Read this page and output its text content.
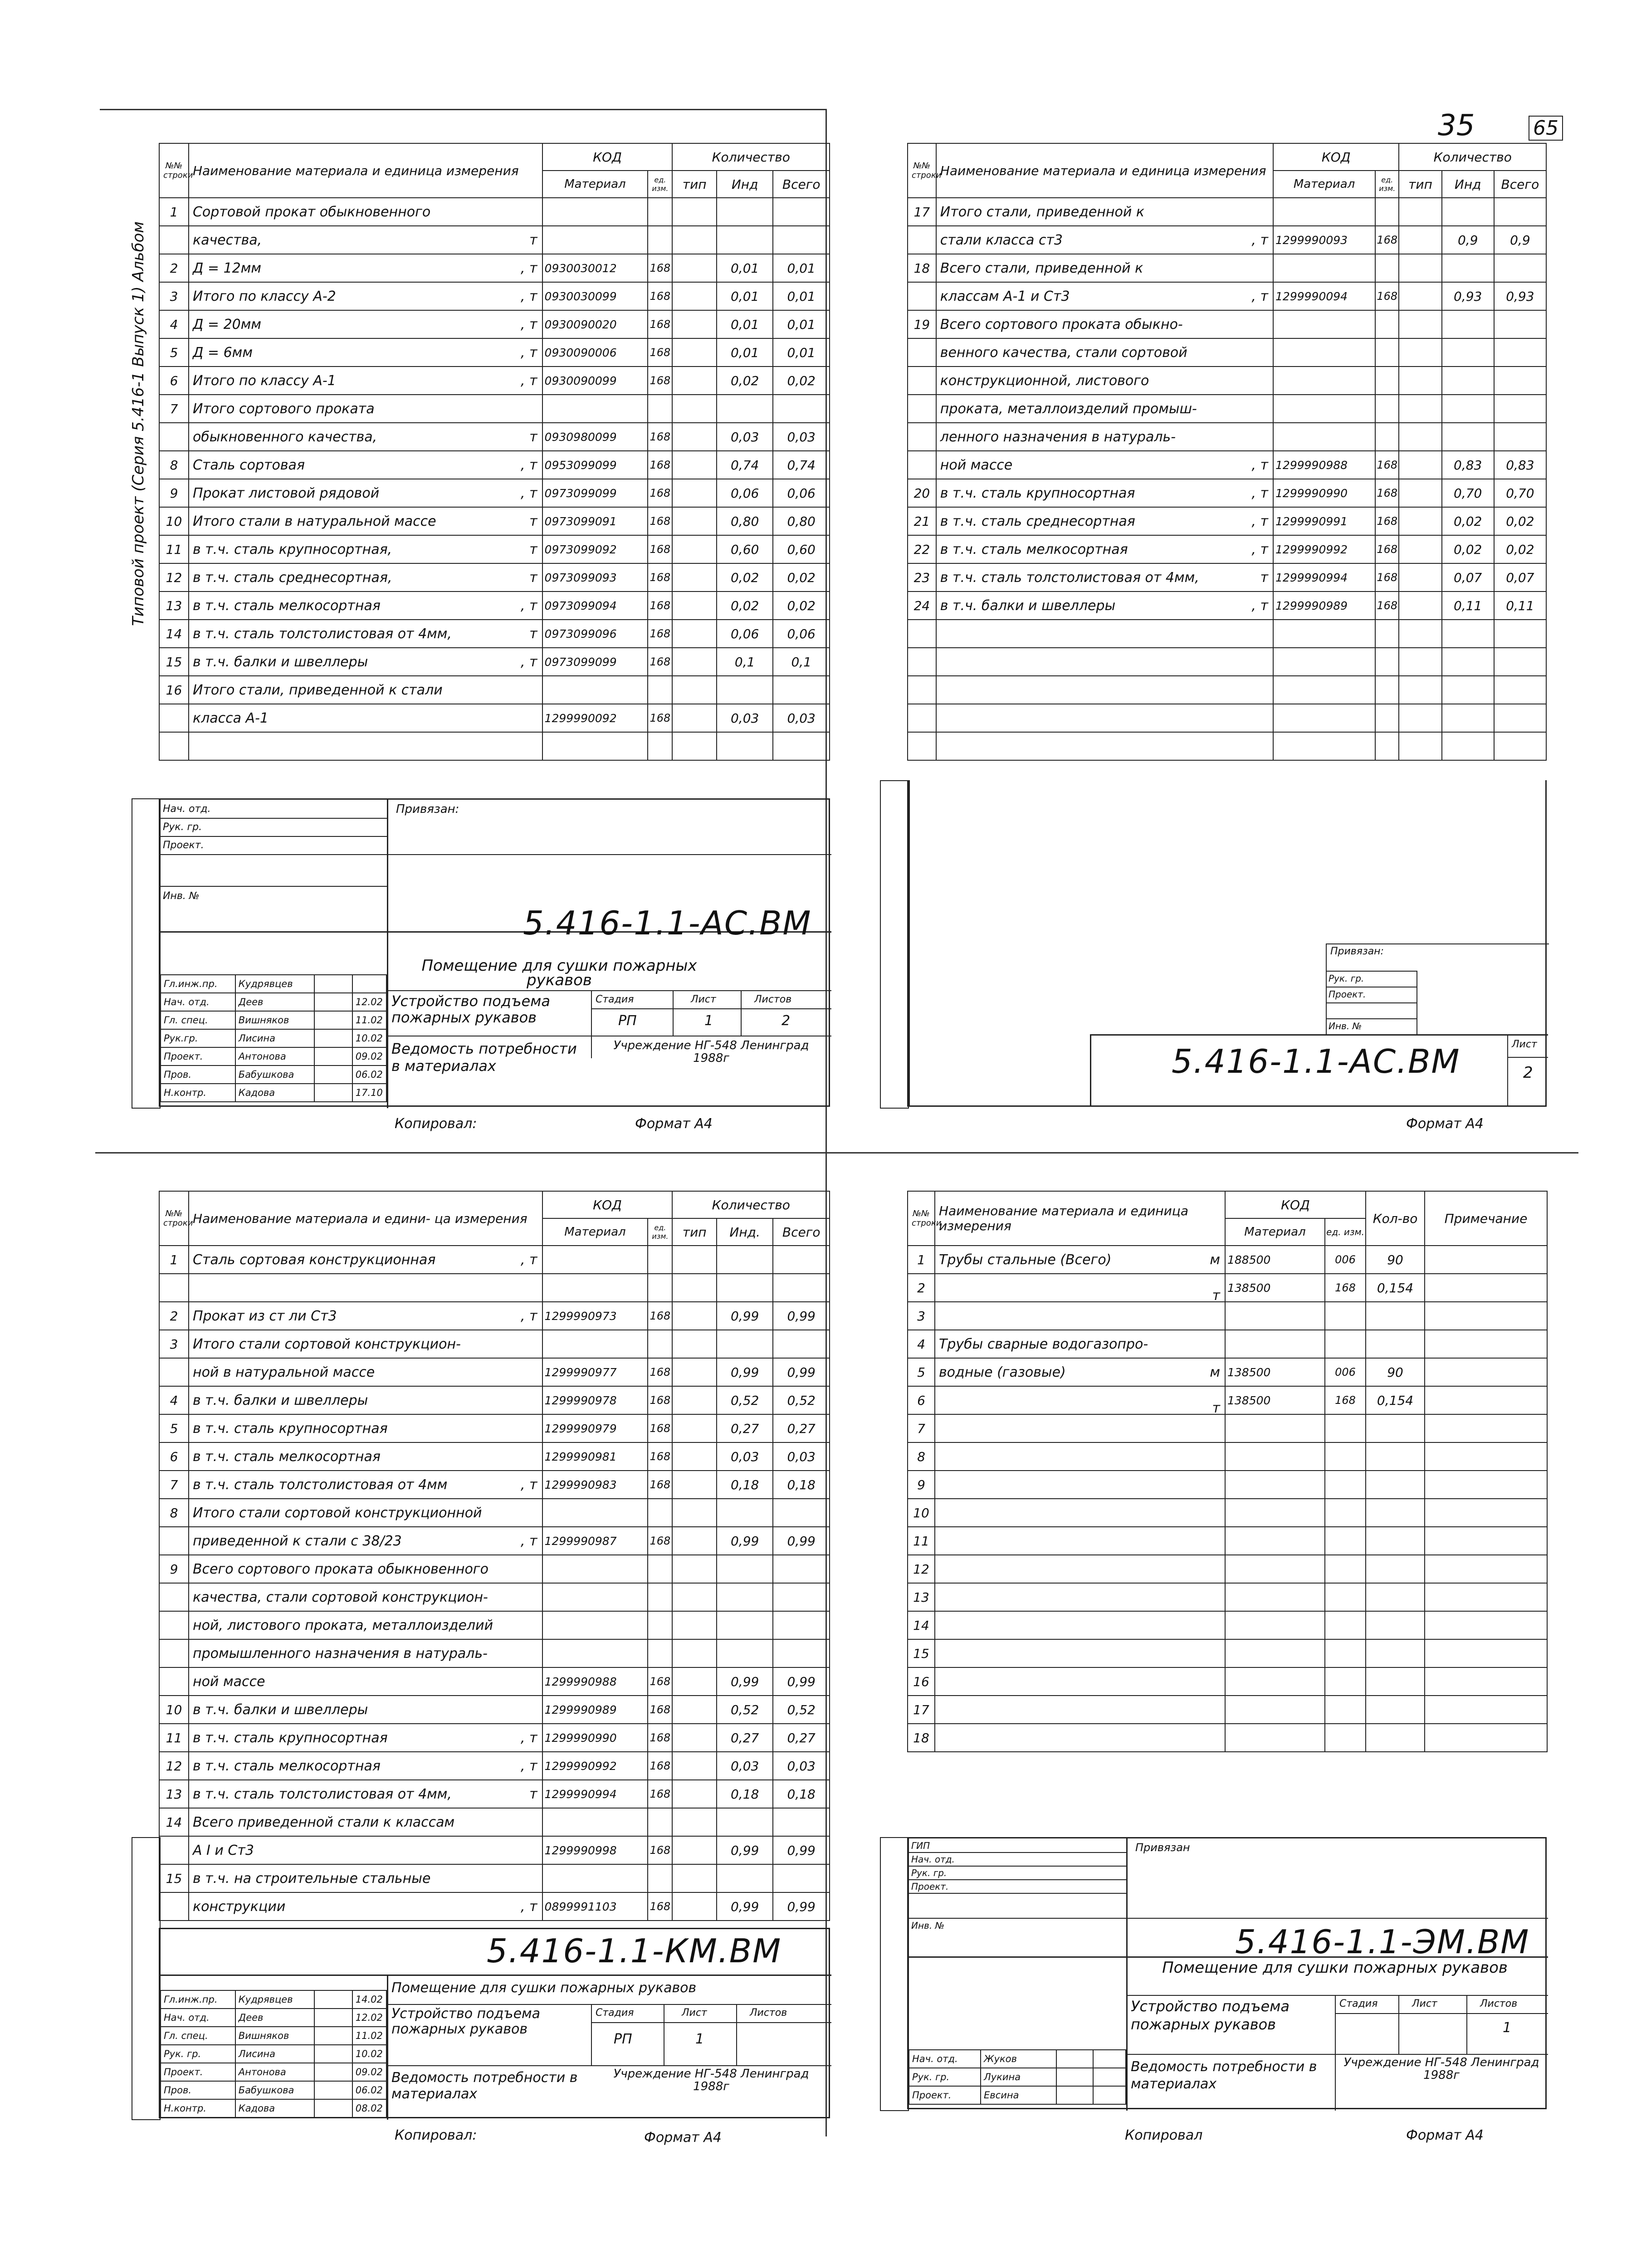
35	65
Типовой проект (Серия 5.416-1 Выпуск 1) Альбом
№№ строки	Наименование материала и единица измерения	КОД		Количество		
		Материал	ед. изм.	тип	Инд	Всего
1	Сортовой прокат обыкновенного

	качества, т					

2	Д = 12мм , т	0930030012	168		0,01	0,01
3	Итого по классу А-2 , т	0930030099	168		0,01	0,01
4	Д = 20мм , т	0930090020	168		0,01	0,01
5	Д = 6мм , т	0930090006	168		0,01	0,01
6	Итого по классу А-1 , т	0930090099	168		0,02	0,02
7	Итого сортового проката

	обыкновенного качества, т	0930980099	168		0,03	0,03
8	Сталь сортовая , т	0953099099	168		0,74	0,74
9	Прокат листовой рядовой , т	0973099099	168		0,06	0,06
10	Итого стали в натуральной массе т	0973099091	168		0,80	0,80
11	в т.ч. сталь крупносортная, т	0973099092	168		0,60	0,60
12	в т.ч. сталь среднесортная, т	0973099093	168		0,02	0,02
13	в т.ч. сталь мелкосортная , т	0973099094	168		0,02	0,02
14	в т.ч. сталь толстолистовая от 4мм, т	0973099096	168		0,06	0,06
15	в т.ч. балки и швеллеры , т	0973099099	168		0,1	0,1
16	Итого стали, приведенной к стали

	класса А-1	1299990092	168		0,03	0,03

Привязан:
Нач. отд.
Рук. гр.
Проект.
Инв. №
5.416-1.1-АС.ВМ
Помещение для сушки пожарных рукавов
Устройство подъема пожарных рукавов
Стадия	Лист	Листов
РП	1	2
Ведомость потребности в материалах
Учреждение НГ-548 Ленинград 1988г
Гл.инж.пр.	Кудрявцев		
Нач. отд.	Деев		12.02
Гл. спец.	Вишняков		11.02
Рук.гр.	Лисина		10.02
Проект.	Антонова		09.02
Пров.	Бабушкова		06.02
Н.контр.	Кадова		17.10
Копировал:	Формат А4
№№ строки	Наименование материала и единица измерения	КОД		Количество		
		Материал	ед. изм.	тип	Инд	Всего
17	Итого стали, приведенной к

	стали класса ст3 , т	1299990093	168		0,9	0,9
18	Всего стали, приведенной к

	классам А-1 и Ст3 , т	1299990094	168		0,93	0,93
19	Всего сортового проката обыкно-

	венного качества, стали сортовой

	конструкционной, листового

	проката, металлоизделий промыш-

	ленного назначения в натураль-

	ной массе , т	1299990988	168		0,83	0,83
20	в т.ч. сталь крупносортная , т	1299990990	168		0,70	0,70
21	в т.ч. сталь среднесортная , т	1299990991	168		0,02	0,02
22	в т.ч. сталь мелкосортная , т	1299990992	168		0,02	0,02
23	в т.ч. сталь толстолистовая от 4мм, т	1299990994	168		0,07	0,07
24	в т.ч. балки и швеллеры , т	1299990989	168		0,11	0,11

Привязан:
Рук. гр.
Проект.
Инв. №
5.416-1.1-АС.ВМ	Лист
2
Формат А4
№№ строки	Наименование материала и едини- ца измерения	КОД		Количество		
		Материал	ед. изм.	тип	Инд.	Всего
1	Сталь сортовая конструкционная , т					

2	Прокат из ст ли Ст3 , т	1299990973	168		0,99	0,99
3	Итого стали сортовой конструкцион-

	ной в натуральной массе	1299990977	168		0,99	0,99
4	в т.ч. балки и швеллеры	1299990978	168		0,52	0,52
5	в т.ч. сталь крупносортная	1299990979	168		0,27	0,27
6	в т.ч. сталь мелкосортная	1299990981	168		0,03	0,03
7	в т.ч. сталь толстолистовая от 4мм , т	1299990983	168		0,18	0,18
8	Итого стали сортовой конструкционной

	приведенной к стали с 38/23 , т	1299990987	168		0,99	0,99
9	Всего сортового проката обыкновенного

	качества, стали сортовой конструкцион-

	ной, листового проката, металлоизделий

	промышленного назначения в натураль-

	ной массе	1299990988	168		0,99	0,99
10	в т.ч. балки и швеллеры	1299990989	168		0,52	0,52
11	в т.ч. сталь крупносортная , т	1299990990	168		0,27	0,27
12	в т.ч. сталь мелкосортная , т	1299990992	168		0,03	0,03
13	в т.ч. сталь толстолистовая от 4мм, т	1299990994	168		0,18	0,18
14	Всего приведенной стали к классам

	А I и Ст3	1299990998	168		0,99	0,99
15	в т.ч. на строительные стальные

	конструкции , т	0899991103	168		0,99	0,99
5.416-1.1-КМ.ВМ
Помещение для сушки пожарных рукавов
Устройство подъема пожарных рукавов
Стадия	Лист	Листов
РП	1
Ведомость потребности в материалах
Учреждение НГ-548 Ленинград 1988г
Гл.инж.пр.	Кудрявцев		14.02
Нач. отд.	Деев		12.02
Гл. спец.	Вишняков		11.02
Рук. гр.	Лисина		10.02
Проект.	Антонова		09.02
Пров.	Бабушкова		06.02
Н.контр.	Кадова		08.02
Копировал:	Формат А4
№№ строки	Наименование материала и единица измерения	КОД		Кол-во	Примечание
		Материал	ед. изм.		
1	Трубы стальные (Всего) м	188500	006	90	
2	т	138500	168	0,154	
3	

4	Трубы сварные водогазопро-

5	водные (газовые) м	138500	006	90	
6	т	138500	168	0,154	
7	

8	

9	

10	

11	

12	

13	

14	

15	

16	

17	

18	

Привязан
ГИП
Нач. отд.
Рук. гр.
Проект.
Инв. №	5.416-1.1-ЭМ.ВМ
Помещение для сушки пожарных рукавов
Устройство подъема пожарных рукавов
Стадия	Лист	Листов
1
Ведомость потребности в материалах
Учреждение НГ-548 Ленинград 1988г
Нач. отд.	Жуков		
Рук. гр.	Лукина		
Проект.	Евсина		
Копировал	Формат А4
